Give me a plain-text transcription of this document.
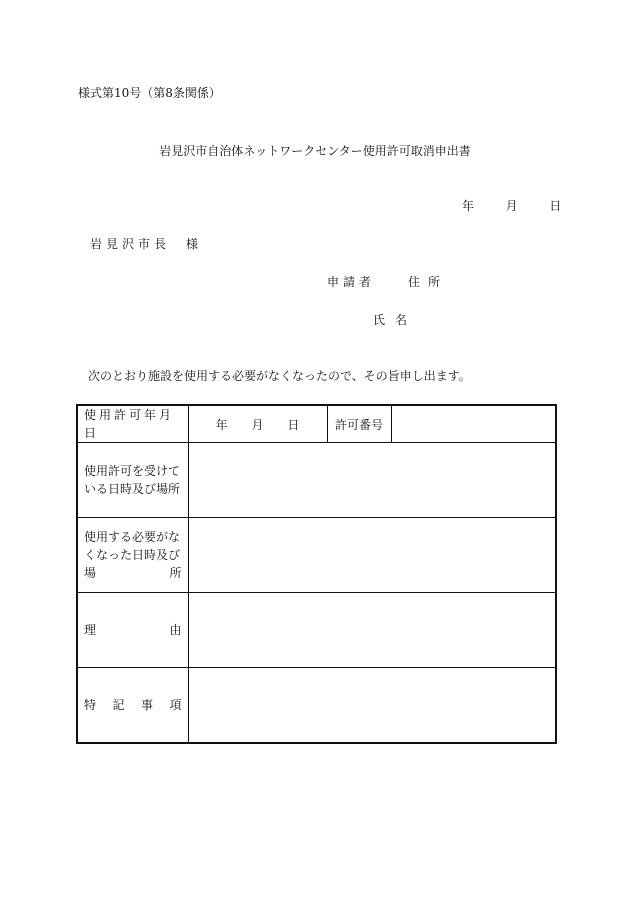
様式第10号（第8条関係）
岩見沢市自治体ネットワークセンター使用許可取消申出書
年	月	日
岩見沢市長　様
申請者	住所
氏名
次のとおり施設を使用する必要がなくなったので、その旨申し出ます。
使用許可年月日	年 月 日	許可番号	

使用許可を受けて
いる日時及び場所			

使用する必要がな
くなった日時及び
場 所			

理 由			

特 記 事 項			
